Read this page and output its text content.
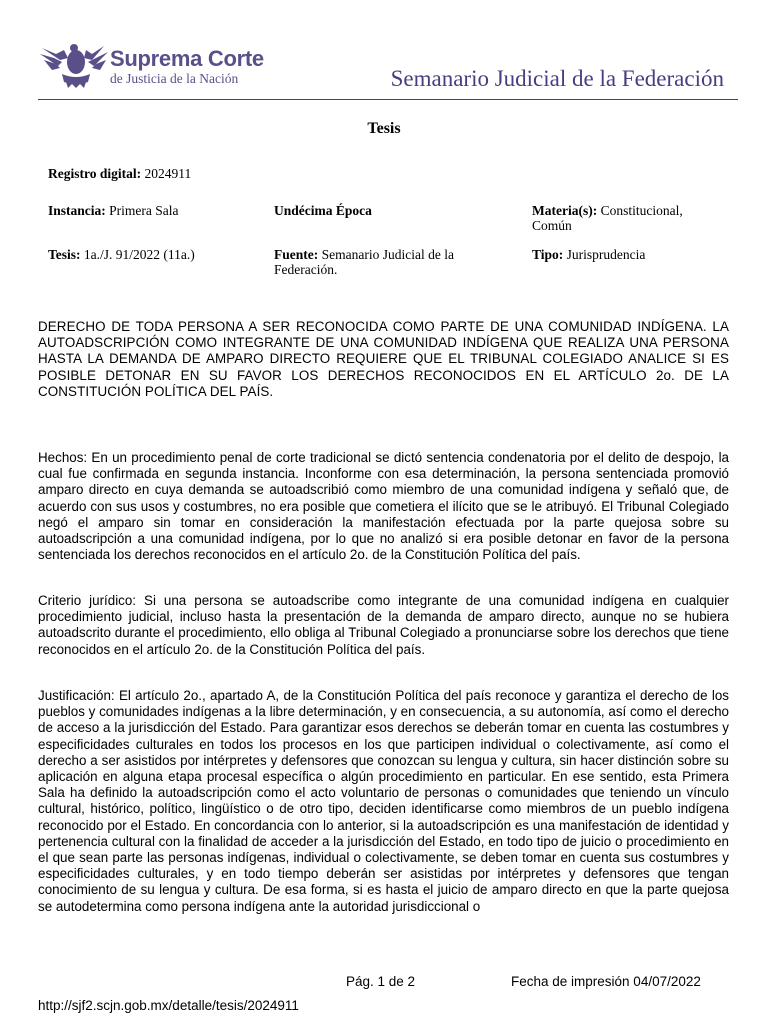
Suprema Corte
de Justicia de la Nación	Semanario Judicial de la Federación
Tesis
Registro digital: 2024911
Instancia: Primera Sala	Undécima Época	Materia(s): Constitucional,
Común
Tesis: 1a./J. 91/2022 (11a.)	Fuente: Semanario Judicial de la
Federación.
Tipo: Jurisprudencia
DERECHO DE TODA PERSONA A SER RECONOCIDA COMO PARTE DE UNA COMUNIDAD INDÍGENA. LA AUTOADSCRIPCIÓN COMO INTEGRANTE DE UNA COMUNIDAD INDÍGENA QUE REALIZA UNA PERSONA HASTA LA DEMANDA DE AMPARO DIRECTO REQUIERE QUE EL TRIBUNAL COLEGIADO ANALICE SI ES POSIBLE DETONAR EN SU FAVOR LOS DERECHOS RECONOCIDOS EN EL ARTÍCULO 2o. DE LA CONSTITUCIÓN POLÍTICA DEL PAÍS.
Hechos: En un procedimiento penal de corte tradicional se dictó sentencia condenatoria por el delito de despojo, la cual fue confirmada en segunda instancia. Inconforme con esa determinación, la persona sentenciada promovió amparo directo en cuya demanda se autoadscribió como miembro de una comunidad indígena y señaló que, de acuerdo con sus usos y costumbres, no era posible que cometiera el ilícito que se le atribuyó. El Tribunal Colegiado negó el amparo sin tomar en consideración la manifestación efectuada por la parte quejosa sobre su autoadscripción a una comunidad indígena, por lo que no analizó si era posible detonar en favor de la persona sentenciada los derechos reconocidos en el artículo 2o. de la Constitución Política del país.
Criterio jurídico: Si una persona se autoadscribe como integrante de una comunidad indígena en cualquier procedimiento judicial, incluso hasta la presentación de la demanda de amparo directo, aunque no se hubiera autoadscrito durante el procedimiento, ello obliga al Tribunal Colegiado a pronunciarse sobre los derechos que tiene reconocidos en el artículo 2o. de la Constitución Política del país.
Justificación: El artículo 2o., apartado A, de la Constitución Política del país reconoce y garantiza el derecho de los pueblos y comunidades indígenas a la libre determinación, y en consecuencia, a su autonomía, así como el derecho de acceso a la jurisdicción del Estado. Para garantizar esos derechos se deberán tomar en cuenta las costumbres y especificidades culturales en todos los procesos en los que participen individual o colectivamente, así como el derecho a ser asistidos por intérpretes y defensores que conozcan su lengua y cultura, sin hacer distinción sobre su aplicación en alguna etapa procesal específica o algún procedimiento en particular. En ese sentido, esta Primera Sala ha definido la autoadscripción como el acto voluntario de personas o comunidades que teniendo un vínculo cultural, histórico, político, lingüístico o de otro tipo, deciden identificarse como miembros de un pueblo indígena reconocido por el Estado. En concordancia con lo anterior, si la autoadscripción es una manifestación de identidad y pertenencia cultural con la finalidad de acceder a la jurisdicción del Estado, en todo tipo de juicio o procedimiento en el que sean parte las personas indígenas, individual o colectivamente, se deben tomar en cuenta sus costumbres y especificidades culturales, y en todo tiempo deberán ser asistidas por intérpretes y defensores que tengan conocimiento de su lengua y cultura. De esa forma, si es hasta el juicio de amparo directo en que la parte quejosa se autodetermina como persona indígena ante la autoridad jurisdiccional o
Pág. 1 de 2	Fecha de impresión 04/07/2022
http://sjf2.scjn.gob.mx/detalle/tesis/2024911
